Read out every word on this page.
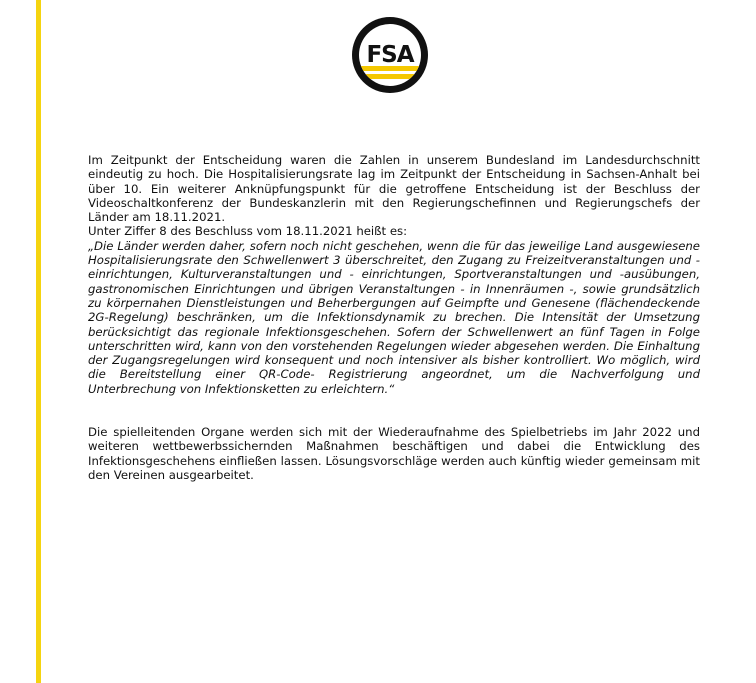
FSA

Im Zeitpunkt der Entscheidung waren die Zahlen in unserem Bundesland im Landesdurchschnitt eindeutig zu hoch. Die Hospitalisierungsrate lag im Zeitpunkt der Entscheidung in Sachsen-Anhalt bei über 10. Ein weiterer Anknüpfungspunkt für die getroffene Entscheidung ist der Beschluss der Videoschaltkonferenz der Bundeskanzlerin mit den Regierungschefinnen und Regierungschefs der Länder am 18.11.2021.
Unter Ziffer 8 des Beschluss vom 18.11.2021 heißt es:
„Die Länder werden daher, sofern noch nicht geschehen, wenn die für das jeweilige Land ausgewiesene Hospitalisierungsrate den Schwellenwert 3 überschreitet, den Zugang zu Freizeitveranstaltungen und -einrichtungen, Kulturveranstaltungen und - einrichtungen, Sportveranstaltungen und -ausübungen, gastronomischen Einrichtungen und übrigen Veranstaltungen - in Innenräumen -, sowie grundsätzlich zu körpernahen Dienstleistungen und Beherbergungen auf Geimpfte und Genesene (flächendeckende 2G-Regelung) beschränken, um die Infektionsdynamik zu brechen. Die Intensität der Umsetzung berücksichtigt das regionale Infektionsgeschehen. Sofern der Schwellenwert an fünf Tagen in Folge unterschritten wird, kann von den vorstehenden Regelungen wieder abgesehen werden. Die Einhaltung der Zugangsregelungen wird konsequent und noch intensiver als bisher kontrolliert. Wo möglich, wird die Bereitstellung einer QR-Code- Registrierung angeordnet, um die Nachverfolgung und Unterbrechung von Infektionsketten zu erleichtern.“

Die spielleitenden Organe werden sich mit der Wiederaufnahme des Spielbetriebs im Jahr 2022 und weiteren wettbewerbssichernden Maßnahmen beschäftigen und dabei die Entwicklung des Infektionsgeschehens einfließen lassen. Lösungsvorschläge werden auch künftig wieder gemeinsam mit den Vereinen ausgearbeitet.
